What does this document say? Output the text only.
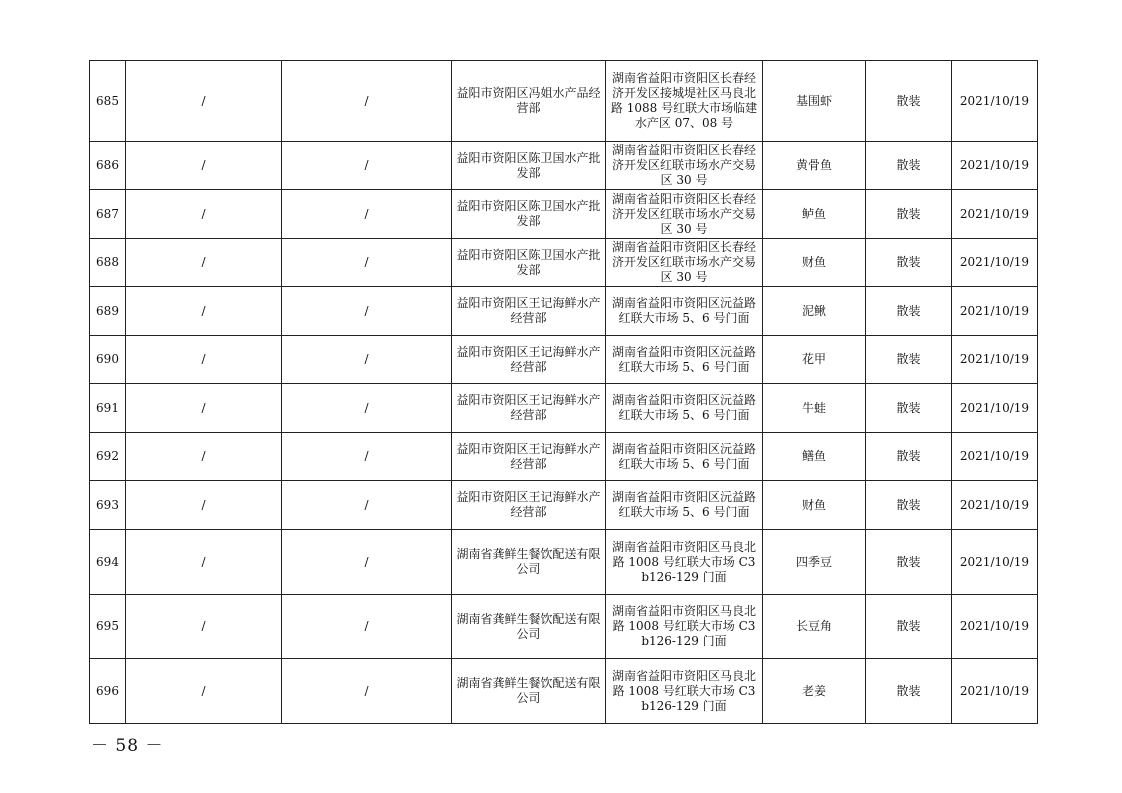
685	/	/	益阳市资阳区冯姐水产品经营部	湖南省益阳市资阳区长春经济开发区接城堤社区马良北路 1088 号红联大市场临建水产区 07、08 号	基围虾	散装	2021/10/19
686	/	/	益阳市资阳区陈卫国水产批发部	湖南省益阳市资阳区长春经济开发区红联市场水产交易区 30 号	黄骨鱼	散装	2021/10/19
687	/	/	益阳市资阳区陈卫国水产批发部	湖南省益阳市资阳区长春经济开发区红联市场水产交易区 30 号	鲈鱼	散装	2021/10/19
688	/	/	益阳市资阳区陈卫国水产批发部	湖南省益阳市资阳区长春经济开发区红联市场水产交易区 30 号	财鱼	散装	2021/10/19
689	/	/	益阳市资阳区王记海鲜水产经营部	湖南省益阳市资阳区沅益路红联大市场 5、6 号门面	泥鳅	散装	2021/10/19
690	/	/	益阳市资阳区王记海鲜水产经营部	湖南省益阳市资阳区沅益路红联大市场 5、6 号门面	花甲	散装	2021/10/19
691	/	/	益阳市资阳区王记海鲜水产经营部	湖南省益阳市资阳区沅益路红联大市场 5、6 号门面	牛蛙	散装	2021/10/19
692	/	/	益阳市资阳区王记海鲜水产经营部	湖南省益阳市资阳区沅益路红联大市场 5、6 号门面	鳝鱼	散装	2021/10/19
693	/	/	益阳市资阳区王记海鲜水产经营部	湖南省益阳市资阳区沅益路红联大市场 5、6 号门面	财鱼	散装	2021/10/19
694	/	/	湖南省龚鲜生餐饮配送有限公司	湖南省益阳市资阳区马良北路 1008 号红联大市场 C3b126-129 门面	四季豆	散装	2021/10/19
695	/	/	湖南省龚鲜生餐饮配送有限公司	湖南省益阳市资阳区马良北路 1008 号红联大市场 C3b126-129 门面	长豆角	散装	2021/10/19
696	/	/	湖南省龚鲜生餐饮配送有限公司	湖南省益阳市资阳区马良北路 1008 号红联大市场 C3b126-129 门面	老姜	散装	2021/10/19
－ 58 －
